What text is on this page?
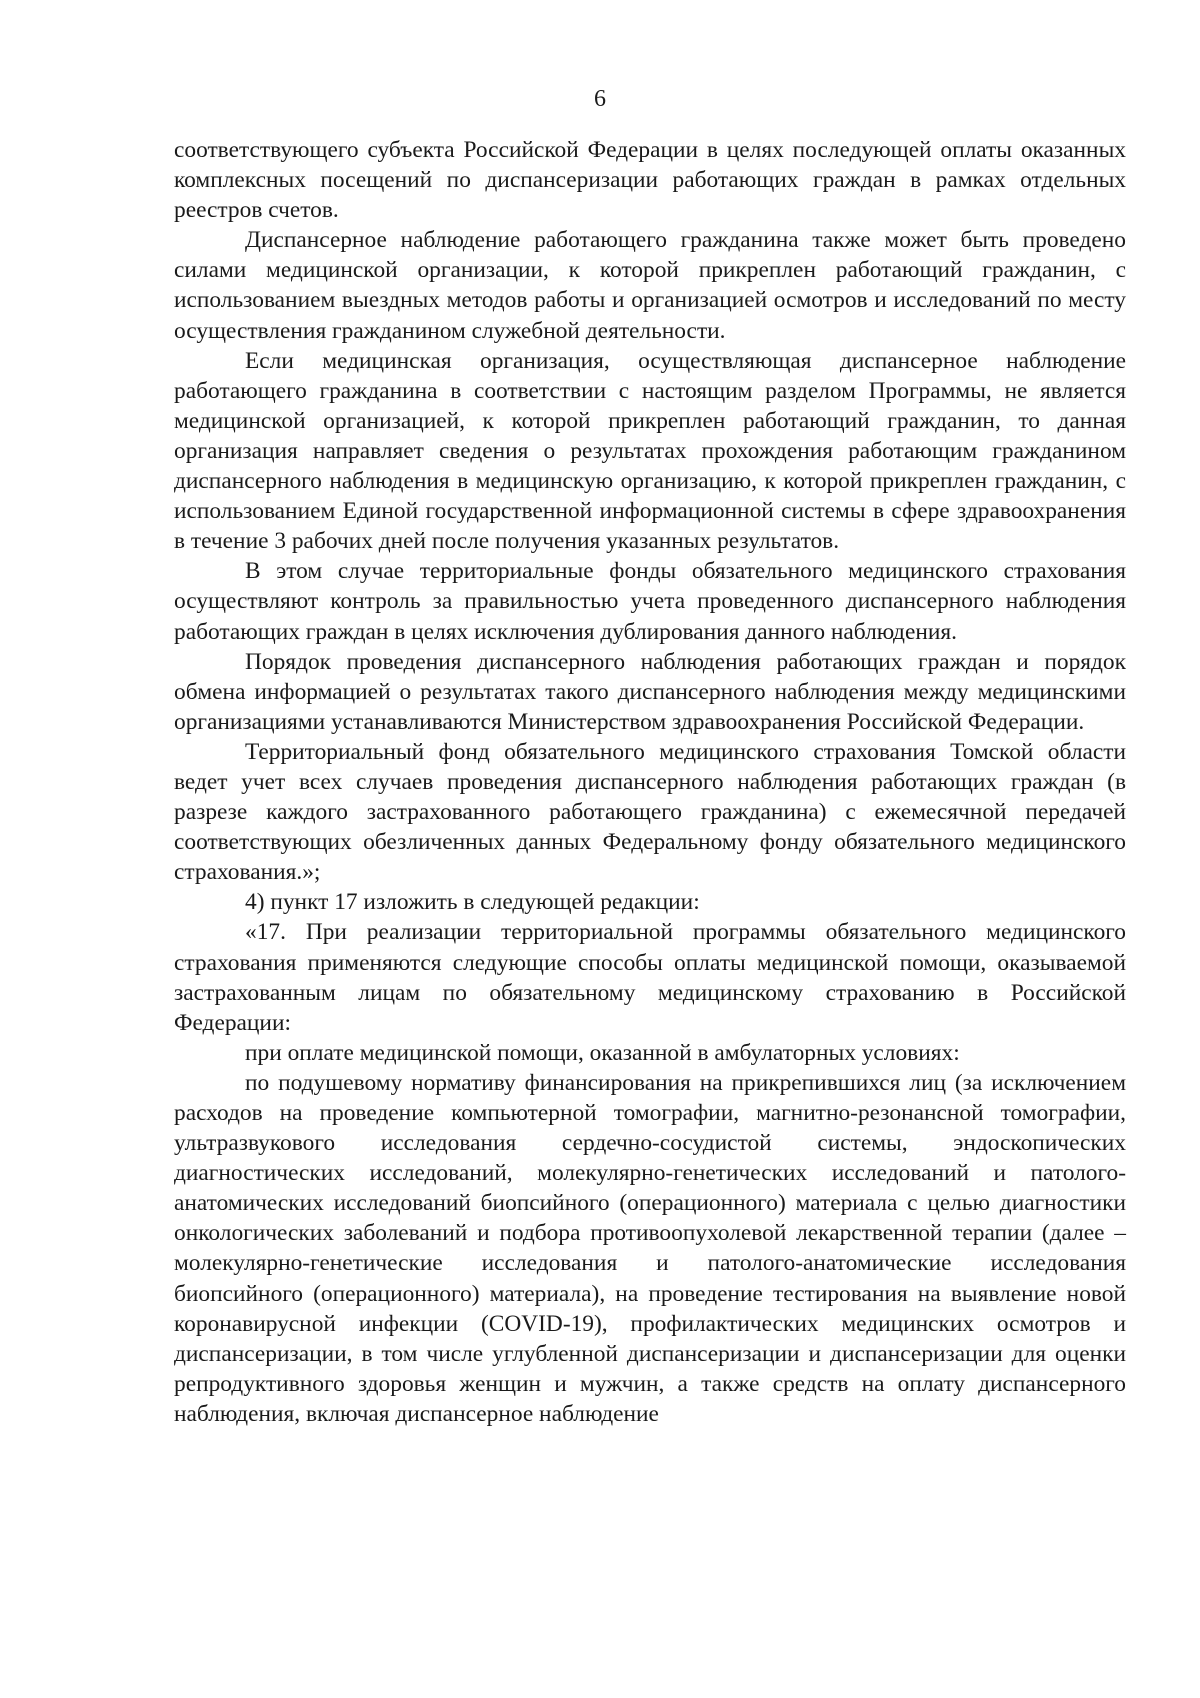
6

соответствующего субъекта Российской Федерации в целях последующей оплаты оказанных комплексных посещений по диспансеризации работающих граждан в рамках отдельных реестров счетов.

Диспансерное наблюдение работающего гражданина также может быть проведено силами медицинской организации, к которой прикреплен работающий гражданин, с использованием выездных методов работы и организацией осмотров и исследований по месту осуществления гражданином служебной деятельности.

Если медицинская организация, осуществляющая диспансерное наблюдение работающего гражданина в соответствии с настоящим разделом Программы, не является медицинской организацией, к которой прикреплен работающий гражданин, то данная организация направляет сведения о результатах прохождения работающим гражданином диспансерного наблюдения в медицинскую организацию, к которой прикреплен гражданин, с использованием Единой государственной информационной системы в сфере здравоохранения в течение 3 рабочих дней после получения указанных результатов.

В этом случае территориальные фонды обязательного медицинского страхования осуществляют контроль за правильностью учета проведенного диспансерного наблюдения работающих граждан в целях исключения дублирования данного наблюдения.

Порядок проведения диспансерного наблюдения работающих граждан и порядок обмена информацией о результатах такого диспансерного наблюдения между медицинскими организациями устанавливаются Министерством здравоохранения Российской Федерации.

Территориальный фонд обязательного медицинского страхования Томской области ведет учет всех случаев проведения диспансерного наблюдения работающих граждан (в разрезе каждого застрахованного работающего гражданина) с ежемесячной передачей соответствующих обезличенных данных Федеральному фонду обязательного медицинского страхования.»;

4) пункт 17 изложить в следующей редакции:

«17. При реализации территориальной программы обязательного медицинского страхования применяются следующие способы оплаты медицинской помощи, оказываемой застрахованным лицам по обязательному медицинскому страхованию в Российской Федерации:

при оплате медицинской помощи, оказанной в амбулаторных условиях:

по подушевому нормативу финансирования на прикрепившихся лиц (за исключением расходов на проведение компьютерной томографии, магнитно-резонансной томографии, ультразвукового исследования сердечно-сосудистой системы, эндоскопических диагностических исследований, молекулярно-генетических исследований и патолого-анатомических исследований биопсийного (операционного) материала с целью диагностики онкологических заболеваний и подбора противоопухолевой лекарственной терапии (далее – молекулярно-генетические исследования и патолого-анатомические исследования биопсийного (операционного) материала), на проведение тестирования на выявление новой коронавирусной инфекции (COVID-19), профилактических медицинских осмотров и диспансеризации, в том числе углубленной диспансеризации и диспансеризации для оценки репродуктивного здоровья женщин и мужчин, а также средств на оплату диспансерного наблюдения, включая диспансерное наблюдение
